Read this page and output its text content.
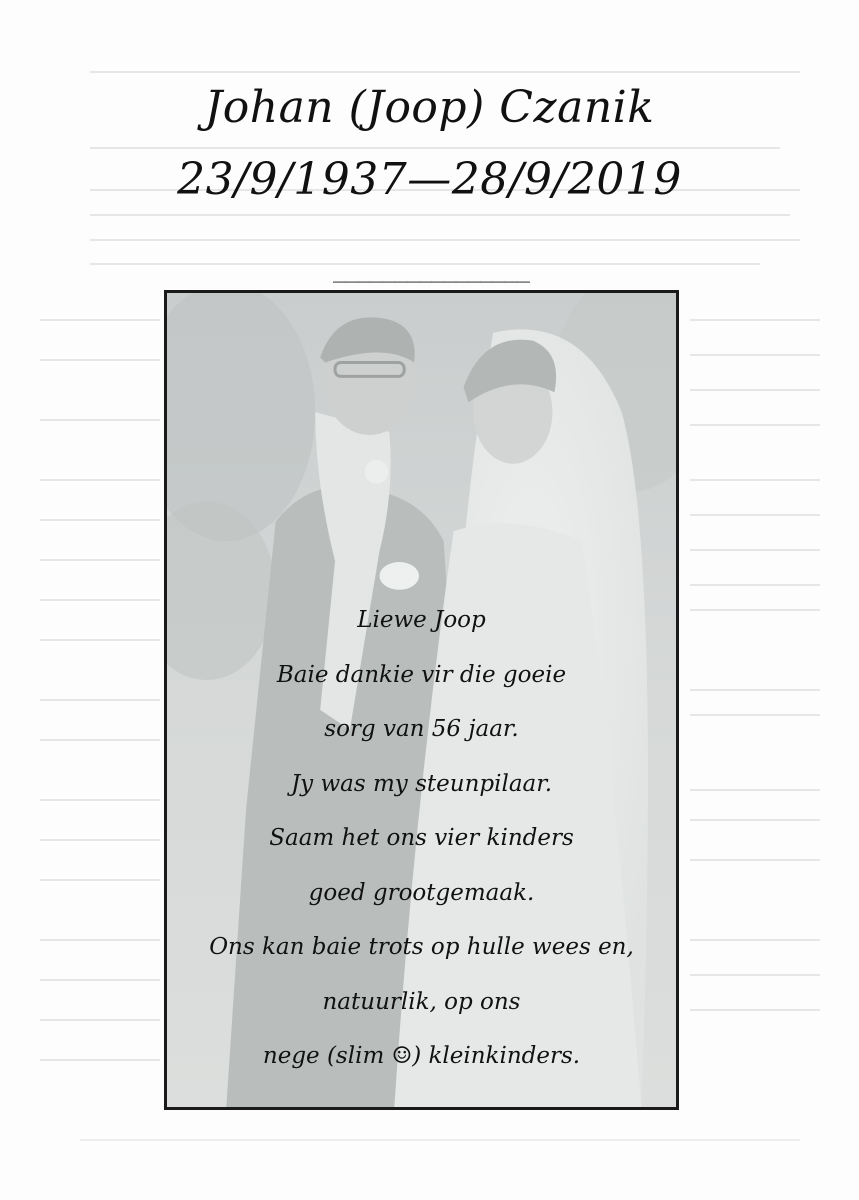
Johan (Joop) Czanik
23/9/1937—28/9/2019
________________
Liewe Joop
Baie dankie vir die goeie
sorg van 56 jaar.
Jy was my steunpilaar.
Saam het ons vier kinders
goed grootgemaak.
Ons kan baie trots op hulle wees en,
natuurlik, op ons
nege (slim ☺) kleinkinders.
